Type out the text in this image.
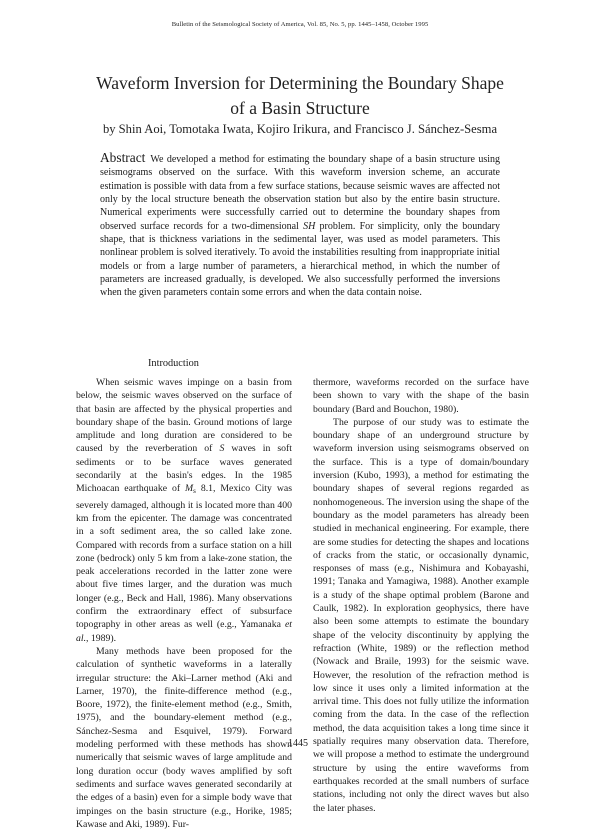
Bulletin of the Seismological Society of America, Vol. 85, No. 5, pp. 1445–1458, October 1995
Waveform Inversion for Determining the Boundary Shape
of a Basin Structure
by Shin Aoi, Tomotaka Iwata, Kojiro Irikura, and Francisco J. Sánchez-Sesma
Abstract We developed a method for estimating the boundary shape of a basin structure using seismograms observed on the surface. With this waveform inversion scheme, an accurate estimation is possible with data from a few surface stations, because seismic waves are affected not only by the local structure beneath the observation station but also by the entire basin structure. Numerical experiments were successfully carried out to determine the boundary shapes from observed surface records for a two-dimensional SH problem. For simplicity, only the boundary shape, that is thickness variations in the sedimental layer, was used as model parameters. This nonlinear problem is solved iteratively. To avoid the instabilities resulting from inappropriate initial models or from a large number of parameters, a hierarchical method, in which the number of parameters are increased gradually, is developed. We also successfully performed the inversions when the given parameters contain some errors and when the data contain noise.
Introduction

When seismic waves impinge on a basin from below, the seismic waves observed on the surface of that basin are affected by the physical properties and boundary shape of the basin. Ground motions of large amplitude and long duration are considered to be caused by the reverberation of S waves in soft sediments or to be surface waves generated secondarily at the basin's edges. In the 1985 Michoacan earthquake of $M_s$ 8.1, Mexico City was severely damaged, although it is located more than 400 km from the epicenter. The damage was concentrated in a soft sediment area, the so called lake zone. Compared with records from a surface station on a hill zone (bedrock) only 5 km from a lake-zone station, the peak accelerations recorded in the latter zone were about five times larger, and the duration was much longer (e.g., Beck and Hall, 1986). Many observations confirm the extraordinary effect of subsurface topography in other areas as well (e.g., Yamanaka et al., 1989).

Many methods have been proposed for the calculation of synthetic waveforms in a laterally irregular structure: the Aki–Larner method (Aki and Larner, 1970), the finite-difference method (e.g., Boore, 1972), the finite-element method (e.g., Smith, 1975), and the boundary-element method (e.g., Sánchez-Sesma and Esquivel, 1979). Forward modeling performed with these methods has shown numerically that seismic waves of large amplitude and long duration occur (body waves amplified by soft sediments and surface waves generated secondarily at the edges of a basin) even for a simple body wave that impinges on the basin structure (e.g., Horike, 1985; Kawase and Aki, 1989). Fur-

thermore, waveforms recorded on the surface have been shown to vary with the shape of the basin boundary (Bard and Bouchon, 1980).

The purpose of our study was to estimate the boundary shape of an underground structure by waveform inversion using seismograms observed on the surface. This is a type of domain/boundary inversion (Kubo, 1993), a method for estimating the boundary shapes of several regions regarded as nonhomogeneous. The inversion using the shape of the boundary as the model parameters has already been studied in mechanical engineering. For example, there are some studies for detecting the shapes and locations of cracks from the static, or occasionally dynamic, responses of mass (e.g., Nishimura and Kobayashi, 1991; Tanaka and Yamagiwa, 1988). Another example is a study of the shape optimal problem (Barone and Caulk, 1982). In exploration geophysics, there have also been some attempts to estimate the boundary shape of the velocity discontinuity by applying the refraction (White, 1989) or the reflection method (Nowack and Braile, 1993) for the seismic wave. However, the resolution of the refraction method is low since it uses only a limited information at the arrival time. This does not fully utilize the information coming from the data. In the case of the reflection method, the data acquisition takes a long time since it spatially requires many observation data. Therefore, we will propose a method to estimate the underground structure by using the entire waveforms from earthquakes recorded at the small numbers of surface stations, including not only the direct waves but also the later phases.

1445
